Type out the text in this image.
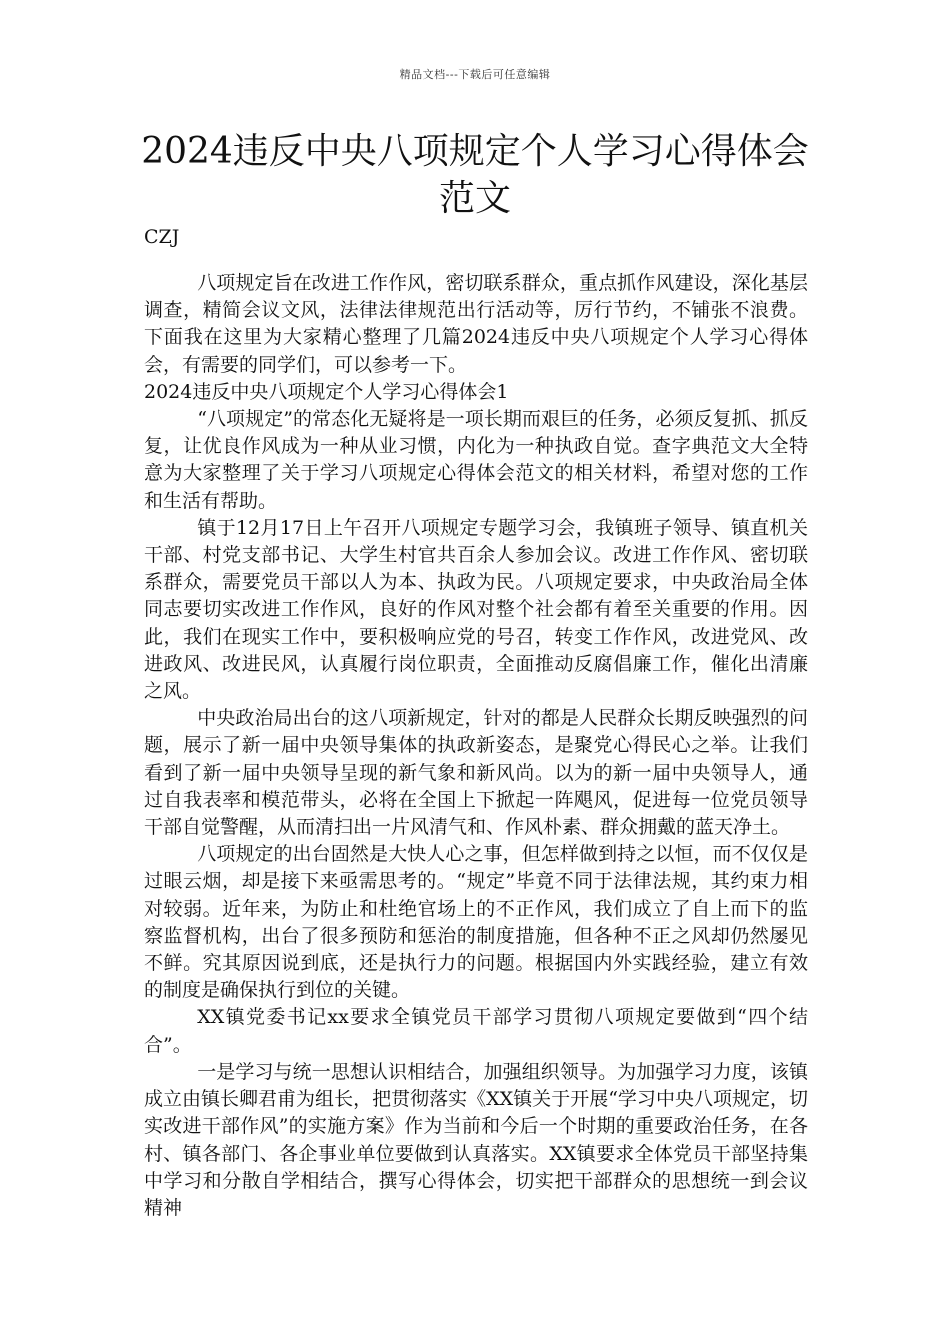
精品文档---下载后可任意编辑
2024违反中央八项规定个人学习心得体会范文
CZJ

八项规定旨在改进工作作风，密切联系群众，重点抓作风建设，深化基层调查，精简会议文风，法律法律规范出行活动等，厉行节约，不铺张不浪费。下面我在这里为大家精心整理了几篇2024违反中央八项规定个人学习心得体会，有需要的同学们，可以参考一下。

2024违反中央八项规定个人学习心得体会1

“八项规定”的常态化无疑将是一项长期而艰巨的任务，必须反复抓、抓反复，让优良作风成为一种从业习惯，内化为一种执政自觉。查字典范文大全特意为大家整理了关于学习八项规定心得体会范文的相关材料，希望对您的工作和生活有帮助。

镇于12月17日上午召开八项规定专题学习会，我镇班子领导、镇直机关干部、村党支部书记、大学生村官共百余人参加会议。改进工作作风、密切联系群众，需要党员干部以人为本、执政为民。八项规定要求，中央政治局全体同志要切实改进工作作风，良好的作风对整个社会都有着至关重要的作用。因此，我们在现实工作中，要积极响应党的号召，转变工作作风，改进党风、改进政风、改进民风，认真履行岗位职责，全面推动反腐倡廉工作，催化出清廉之风。

中央政治局出台的这八项新规定，针对的都是人民群众长期反映强烈的问题，展示了新一届中央领导集体的执政新姿态，是聚党心得民心之举。让我们看到了新一届中央领导呈现的新气象和新风尚。以为的新一届中央领导人，通过自我表率和模范带头，必将在全国上下掀起一阵飓风，促进每一位党员领导干部自觉警醒，从而清扫出一片风清气和、作风朴素、群众拥戴的蓝天净土。

八项规定的出台固然是大快人心之事，但怎样做到持之以恒，而不仅仅是过眼云烟，却是接下来亟需思考的。“规定”毕竟不同于法律法规，其约束力相对较弱。近年来，为防止和杜绝官场上的不正作风，我们成立了自上而下的监察监督机构，出台了很多预防和惩治的制度措施，但各种不正之风却仍然屡见不鲜。究其原因说到底，还是执行力的问题。根据国内外实践经验，建立有效的制度是确保执行到位的关键。

XX镇党委书记xx要求全镇党员干部学习贯彻八项规定要做到“四个结合”。

一是学习与统一思想认识相结合，加强组织领导。为加强学习力度，该镇成立由镇长卿君甫为组长，把贯彻落实《XX镇关于开展“学习中央八项规定，切实改进干部作风”的实施方案》作为当前和今后一个时期的重要政治任务，在各村、镇各部门、各企事业单位要做到认真落实。XX镇要求全体党员干部坚持集中学习和分散自学相结合，撰写心得体会，切实把干部群众的思想统一到会议精神
